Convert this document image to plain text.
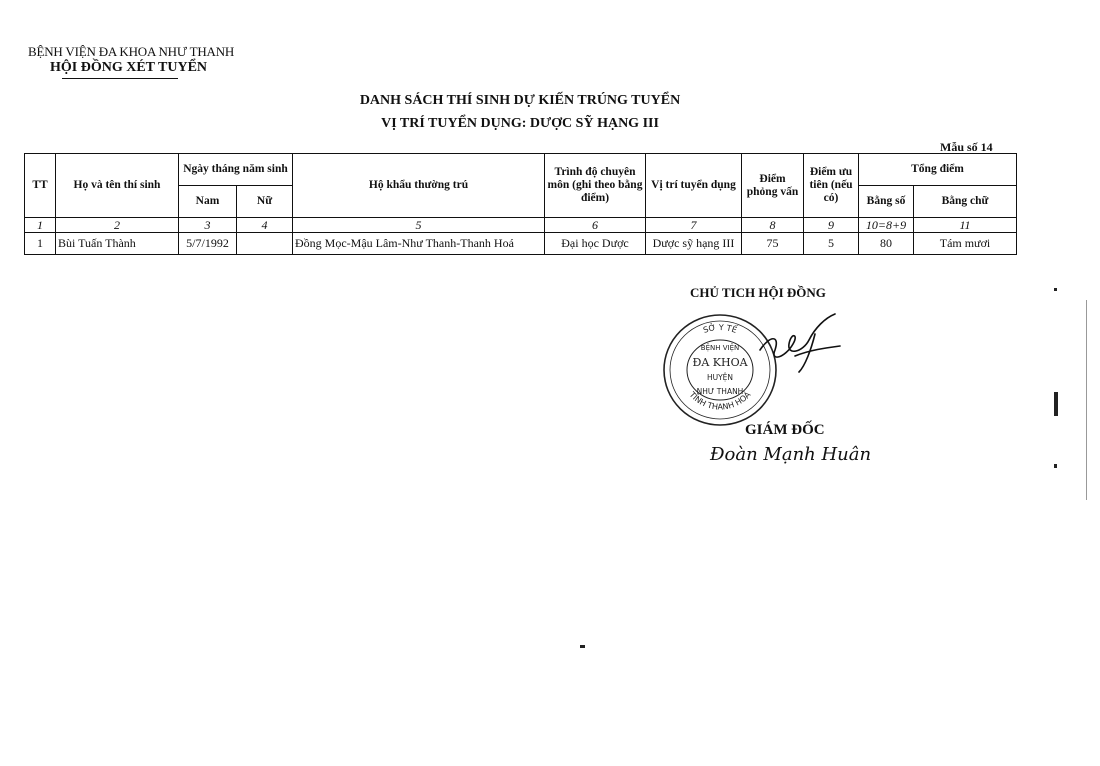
BỆNH VIỆN ĐA KHOA NHƯ THANH
HỘI ĐỒNG XÉT TUYỂN
DANH SÁCH THÍ SINH DỰ KIẾN TRÚNG TUYỂN
VỊ TRÍ TUYỂN DỤNG: DƯỢC SỸ HẠNG III
Mẫu số 14
TT	Họ và tên thí sinh	Ngày tháng năm sinh		Hộ khẩu thường trú	Trình độ chuyên môn (ghi theo bằng điểm)	Vị trí tuyển dụng	Điểm phỏng vấn	Điểm ưu tiên (nếu có)	Tổng điểm	
		Nam	Nữ						Bằng số	Bằng chữ
1	2	3	4	5	6	7	8	9	10=8+9	11
1	Bùi Tuấn Thành	5/7/1992		Đồng Mọc-Mậu Lâm-Như Thanh-Thanh Hoá	Đại học Dược	Dược sỹ hạng III	75	5	80	Tám mươi
CHỦ TICH HỘI ĐỒNG
SỞ Y TẾ
TỈNH THANH HOÁ
BỆNH VIỆN
ĐA KHOA
HUYỆN
NHƯ THANH
GIÁM ĐỐC
Đoàn Mạnh Huân
